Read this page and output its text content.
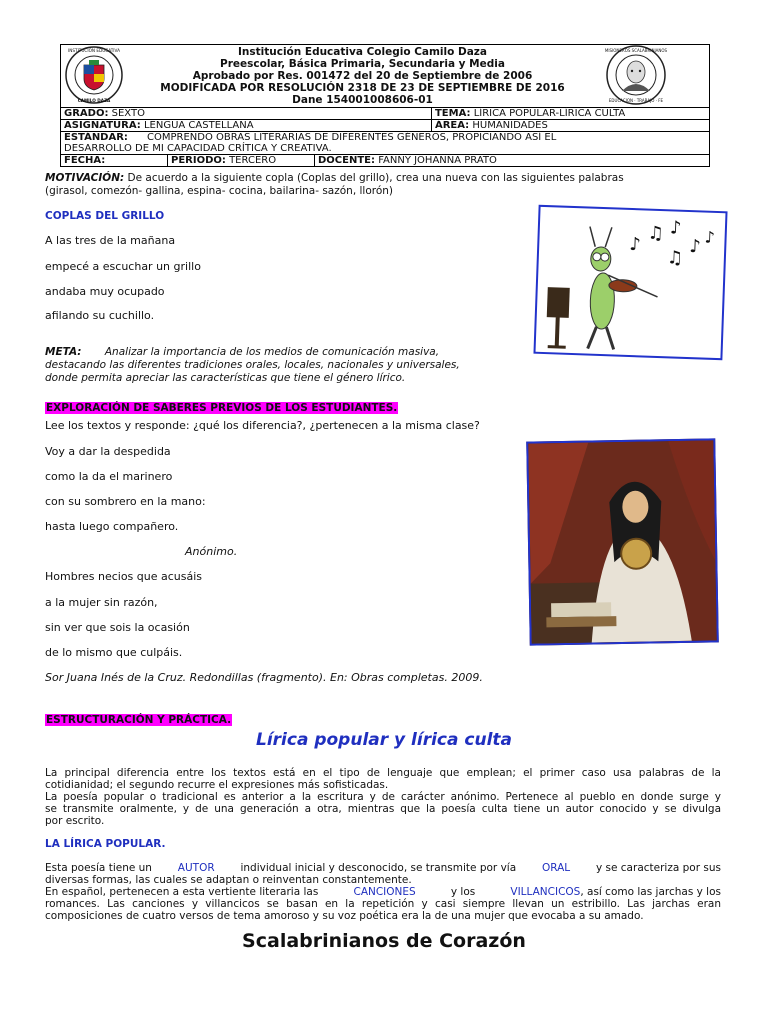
INSTITUCION EDUCATIVA
CAMILO DAZA
MISIONEROS SCALABRINIANOS
EDUCACION · TRABAJO · FE
Institución Educativa Colegio Camilo Daza
Preescolar, Básica Primaria, Secundaria y Media
Aprobado por Res. 001472 del 20 de Septiembre de 2006
MODIFICADA POR RESOLUCIÓN 2318 DE 23 DE SEPTIEMBRE DE 2016
Dane 154001008606-01
GRADO: SEXTO			TEMA: LÍRICA POPULAR-LÍRICA CULTA
ASIGNATURA: LENGUA CASTELLANA			ÁREA: HUMANIDADES
ESTÁNDAR: COMPRENDO OBRAS LITERARIAS DE DIFERENTES GÉNEROS, PROPICIANDO ASÍ EL
DESARROLLO DE MI CAPACIDAD CRÍTICA Y CREATIVA.			
FECHA:	PERIODO: TERCERO	DOCENTE: FANNY JOHANNA PRATO	
MOTIVACIÓN: De acuerdo a la siguiente copla (Coplas del grillo), crea una nueva con las siguientes palabras
(girasol, comezón- gallina, espina- cocina, bailarina- sazón, llorón)
COPLAS DEL GRILLO
A las tres de la mañana
empecé a escuchar un grillo
andaba muy ocupado
afilando su cuchillo.
♪
♫ ♪
♫
♪ ♪
META: Analizar la importancia de los medios de comunicación masiva,
destacando las diferentes tradiciones orales, locales, nacionales y universales,
donde permita apreciar las características que tiene el género lírico.
EXPLORACIÓN DE SABERES PREVIOS DE LOS ESTUDIANTES.
Lee los textos y responde: ¿qué los diferencia?, ¿pertenecen a la misma clase?
Voy a dar la despedida
como la da el marinero
con su sombrero en la mano:
hasta luego compañero.
Anónimo.
Hombres necios que acusáis
a la mujer sin razón,
sin ver que sois la ocasión
de lo mismo que culpáis.
Sor Juana Inés de la Cruz. Redondillas (fragmento). En: Obras completas. 2009.
ESTRUCTURACIÓN Y PRÁCTICA.
Lírica popular y lírica culta
La principal diferencia entre los textos está en el tipo de lenguaje que emplean; el primer caso usa palabras de la
cotidianidad; el segundo recurre el expresiones más sofisticadas.
La poesía popular o tradicional es anterior a la escritura y de carácter anónimo. Pertenece al pueblo en donde surge y
se transmite oralmente, y de una generación a otra, mientras que la poesía culta tiene un autor conocido y se divulga
por escrito.
LA LÍRICA POPULAR.
Esta poesía tiene un AUTOR individual inicial y desconocido, se transmite por vía ORAL y se caracteriza por sus
diversas formas, las cuales se adaptan o reinventan constantemente.
En español, pertenecen a esta vertiente literaria las	CANCIONES	y los	VILLANCICOS, así como las jarchas y los
romances. Las canciones y villancicos se basan en la repetición y casi siempre llevan un estribillo. Las jarchas eran
composiciones de cuatro versos de tema amoroso y su voz poética era la de una mujer que evocaba a su amado.
Scalabrinianos de Corazón
